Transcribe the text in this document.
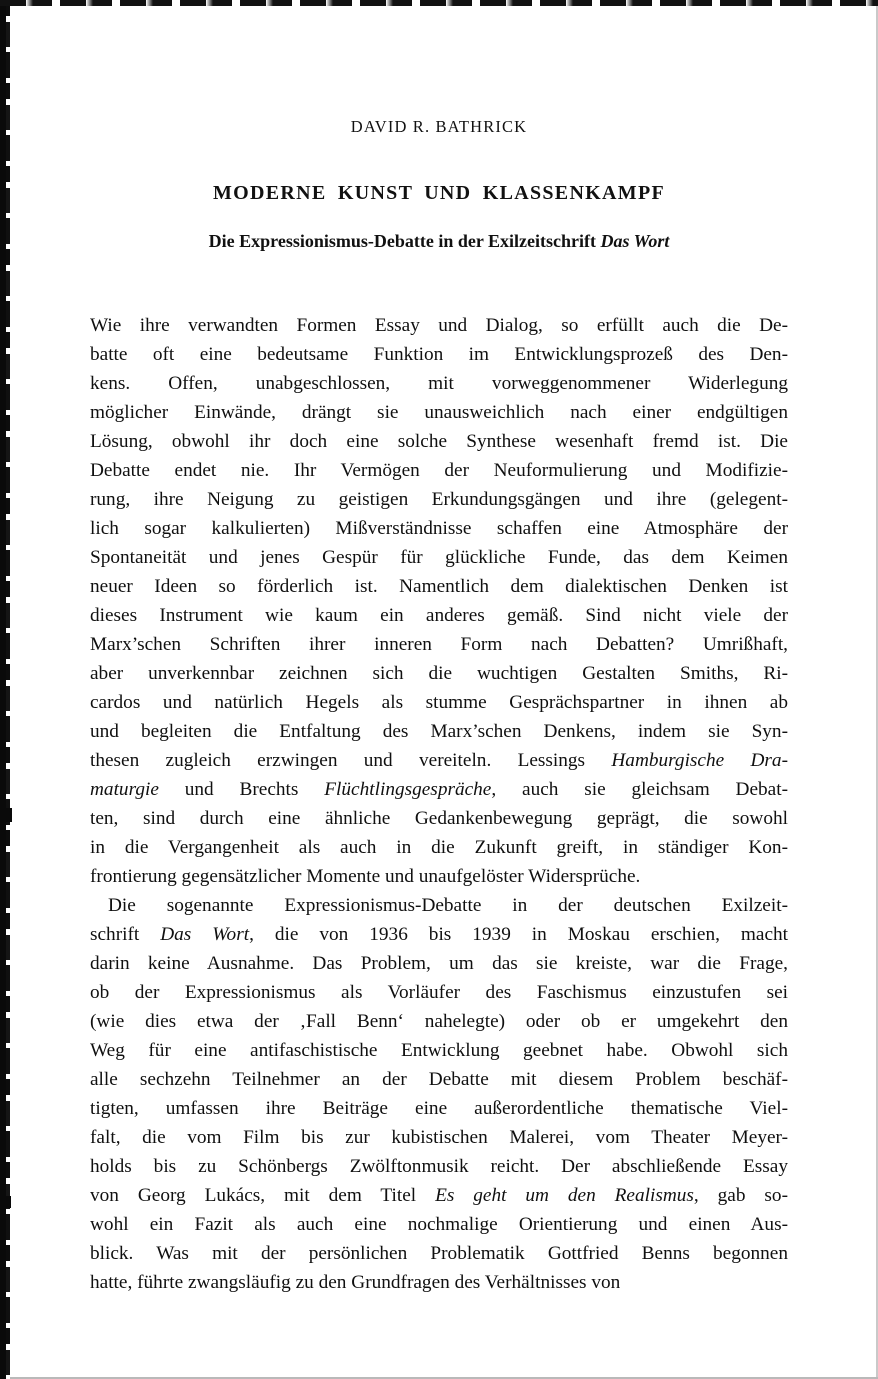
DAVID R. BATHRICK
MODERNE KUNST UND KLASSENKAMPF
Die Expressionismus-Debatte in der Exilzeitschrift Das Wort
Wie ihre verwandten Formen Essay und Dialog, so erfüllt auch die De-
batte oft eine bedeutsame Funktion im Entwicklungsprozeß des Den-
kens. Offen, unabgeschlossen, mit vorweggenommener Widerlegung
möglicher Einwände, drängt sie unausweichlich nach einer endgültigen
Lösung, obwohl ihr doch eine solche Synthese wesenhaft fremd ist. Die
Debatte endet nie. Ihr Vermögen der Neuformulierung und Modifizie-
rung, ihre Neigung zu geistigen Erkundungsgängen und ihre (gelegent-
lich sogar kalkulierten) Mißverständnisse schaffen eine Atmosphäre der
Spontaneität und jenes Gespür für glückliche Funde, das dem Keimen
neuer Ideen so förderlich ist. Namentlich dem dialektischen Denken ist
dieses Instrument wie kaum ein anderes gemäß. Sind nicht viele der
Marx’schen Schriften ihrer inneren Form nach Debatten? Umrißhaft,
aber unverkennbar zeichnen sich die wuchtigen Gestalten Smiths, Ri-
cardos und natürlich Hegels als stumme Gesprächspartner in ihnen ab
und begleiten die Entfaltung des Marx’schen Denkens, indem sie Syn-
thesen zugleich erzwingen und vereiteln. Lessings Hamburgische Dra-
maturgie und Brechts Flüchtlingsgespräche, auch sie gleichsam Debat-
ten, sind durch eine ähnliche Gedankenbewegung geprägt, die sowohl
in die Vergangenheit als auch in die Zukunft greift, in ständiger Kon-
frontierung gegensätzlicher Momente und unaufgelöster Widersprüche.
Die sogenannte Expressionismus-Debatte in der deutschen Exilzeit-
schrift Das Wort, die von 1936 bis 1939 in Moskau erschien, macht
darin keine Ausnahme. Das Problem, um das sie kreiste, war die Frage,
ob der Expressionismus als Vorläufer des Faschismus einzustufen sei
(wie dies etwa der ‚Fall Benn‘ nahelegte) oder ob er umgekehrt den
Weg für eine antifaschistische Entwicklung geebnet habe. Obwohl sich
alle sechzehn Teilnehmer an der Debatte mit diesem Problem beschäf-
tigten, umfassen ihre Beiträge eine außerordentliche thematische Viel-
falt, die vom Film bis zur kubistischen Malerei, vom Theater Meyer-
holds bis zu Schönbergs Zwölftonmusik reicht. Der abschließende Essay
von Georg Lukács, mit dem Titel Es geht um den Realismus, gab so-
wohl ein Fazit als auch eine nochmalige Orientierung und einen Aus-
blick. Was mit der persönlichen Problematik Gottfried Benns begonnen
hatte, führte zwangsläufig zu den Grundfragen des Verhältnisses von
